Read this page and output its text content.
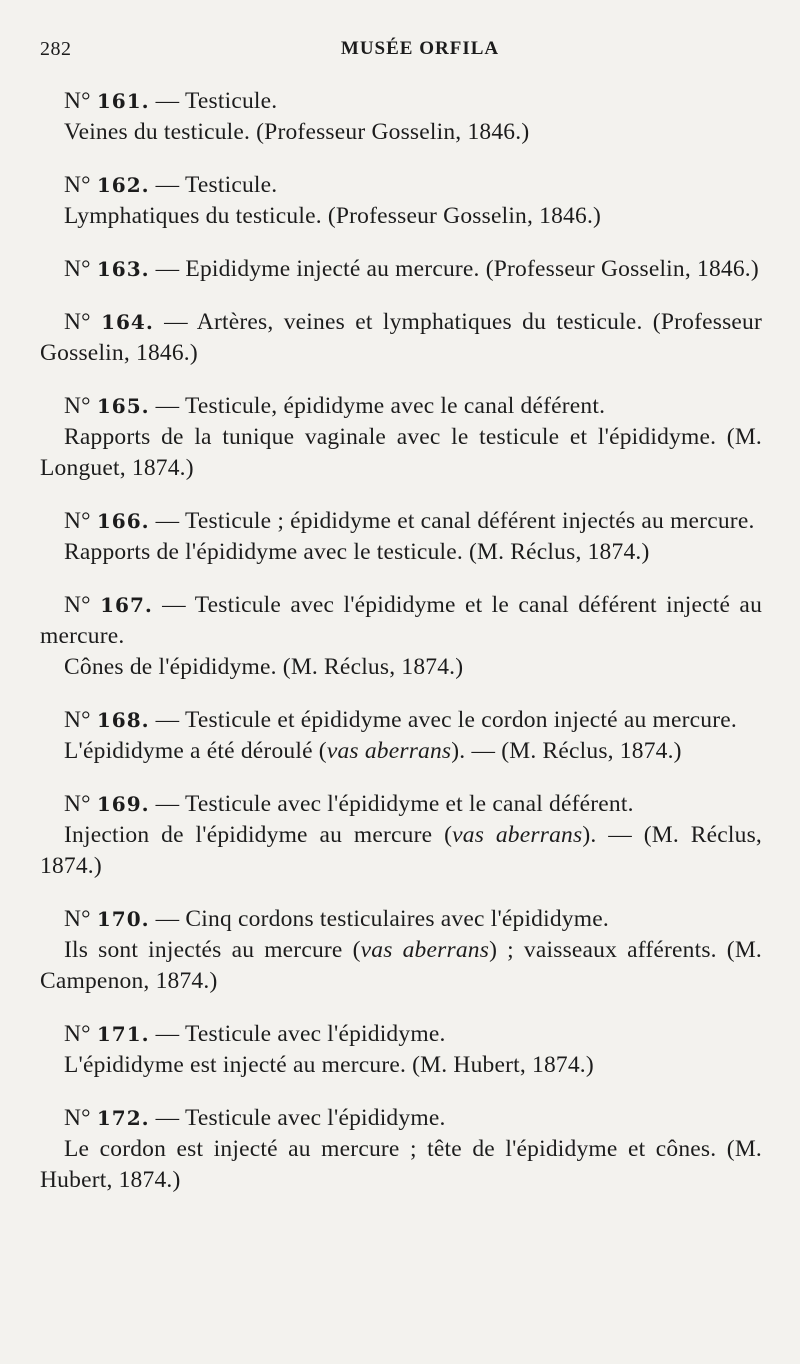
282	MUSÉE ORFILA

N° 161. — Testicule.

Veines du testicule. (Professeur Gosselin, 1846.)

N° 162. — Testicule.

Lymphatiques du testicule. (Professeur Gosselin, 1846.)

N° 163. — Epididyme injecté au mercure. (Professeur Gosselin, 1846.)

N° 164. — Artères, veines et lymphatiques du testicule. (Professeur Gosselin, 1846.)

N° 165. — Testicule, épididyme avec le canal déférent.

Rapports de la tunique vaginale avec le testicule et l'épididyme. (M. Longuet, 1874.)

N° 166. — Testicule ; épididyme et canal déférent injectés au mercure.

Rapports de l'épididyme avec le testicule. (M. Réclus, 1874.)

N° 167. — Testicule avec l'épididyme et le canal déférent injecté au mercure.

Cônes de l'épididyme. (M. Réclus, 1874.)

N° 168. — Testicule et épididyme avec le cordon injecté au mercure.

L'épididyme a été déroulé (vas aberrans). — (M. Réclus, 1874.)

N° 169. — Testicule avec l'épididyme et le canal déférent.

Injection de l'épididyme au mercure (vas aberrans). — (M. Réclus, 1874.)

N° 170. — Cinq cordons testiculaires avec l'épididyme.

Ils sont injectés au mercure (vas aberrans) ; vaisseaux afférents. (M. Campenon, 1874.)

N° 171. — Testicule avec l'épididyme.

L'épididyme est injecté au mercure. (M. Hubert, 1874.)

N° 172. — Testicule avec l'épididyme.

Le cordon est injecté au mercure ; tête de l'épididyme et cônes. (M. Hubert, 1874.)
